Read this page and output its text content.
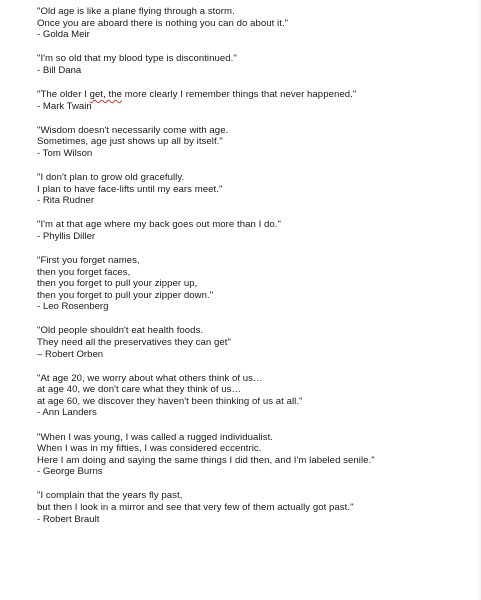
"Old age is like a plane flying through a storm.
Once you are aboard there is nothing you can do about it."
- Golda Meir
"I'm so old that my blood type is discontinued."
- Bill Dana
"The older I get, the more clearly I remember things that never happened."
- Mark Twain
"Wisdom doesn't necessarily come with age.
Sometimes, age just shows up all by itself."
- Tom Wilson
"I don't plan to grow old gracefully.
I plan to have face-lifts until my ears meet."
- Rita Rudner
"I'm at that age where my back goes out more than I do."
- Phyllis Diller
"First you forget names,
then you forget faces,
then you forget to pull your zipper up,
then you forget to pull your zipper down."
- Leo Rosenberg
"Old people shouldn't eat health foods.
They need all the preservatives they can get"
– Robert Orben
"At age 20, we worry about what others think of us…
at age 40, we don't care what they think of us…
at age 60, we discover they haven't been thinking of us at all."
- Ann Landers
"When I was young, I was called a rugged individualist.
When I was in my fifties, I was considered eccentric.
Here I am doing and saying the same things I did then, and I'm labeled senile."
- George Burns
"I complain that the years fly past,
but then I look in a mirror and see that very few of them actually got past."
- Robert Brault
